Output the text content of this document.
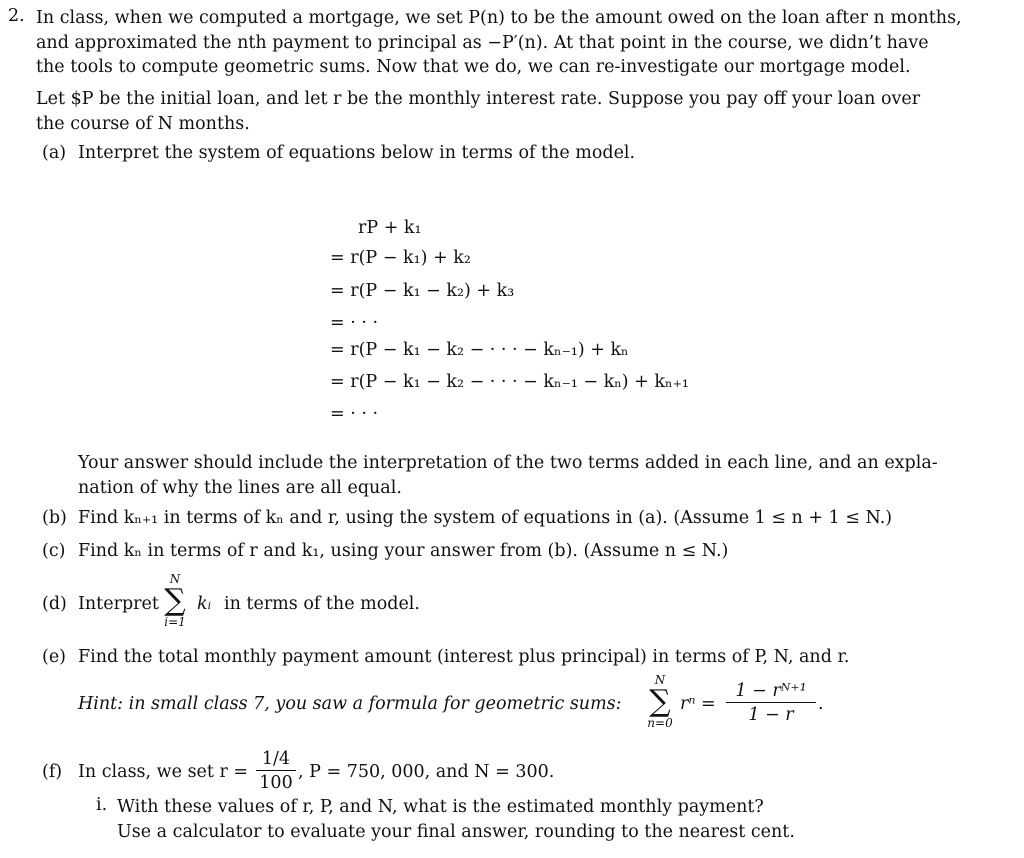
2. In class, when we computed a mortgage, we set P(n) to be the amount owed on the loan after n months,
and approximated the nth payment to principal as −P′(n). At that point in the course, we didn’t have
the tools to compute geometric sums. Now that we do, we can re-investigate our mortgage model.
Let $P be the initial loan, and let r be the monthly interest rate. Suppose you pay off your loan over
the course of N months.
(a) Interpret the system of equations below in terms of the model.
rP + k₁
= r(P − k₁) + k₂
= r(P − k₁ − k₂) + k₃
= · · ·
= r(P − k₁ − k₂ − · · · − kₙ₋₁) + kₙ
= r(P − k₁ − k₂ − · · · − kₙ₋₁ − kₙ) + kₙ₊₁
= · · ·
Your answer should include the interpretation of the two terms added in each line, and an expla-
nation of why the lines are all equal.
(b) Find kₙ₊₁ in terms of kₙ and r, using the system of equations in (a). (Assume 1 ≤ n + 1 ≤ N.)
(c) Find kₙ in terms of r and k₁, using your answer from (b). (Assume n ≤ N.)
(d) Interpret
N
∑
i=1
kᵢ in terms of the model.
(e) Find the total monthly payment amount (interest plus principal) in terms of P, N, and r.
Hint: in small class 7, you saw a formula for geometric sums:
N
∑
n=0
$r^n = \frac{\text{1 − rᴺ⁺¹}}{1 - r}$ .
(f) In class, we set $r = \frac{1/4}{100}$ , P = 750, 000, and N = 300.
i. With these values of r, P, and N, what is the estimated monthly payment?
Use a calculator to evaluate your final answer, rounding to the nearest cent.
